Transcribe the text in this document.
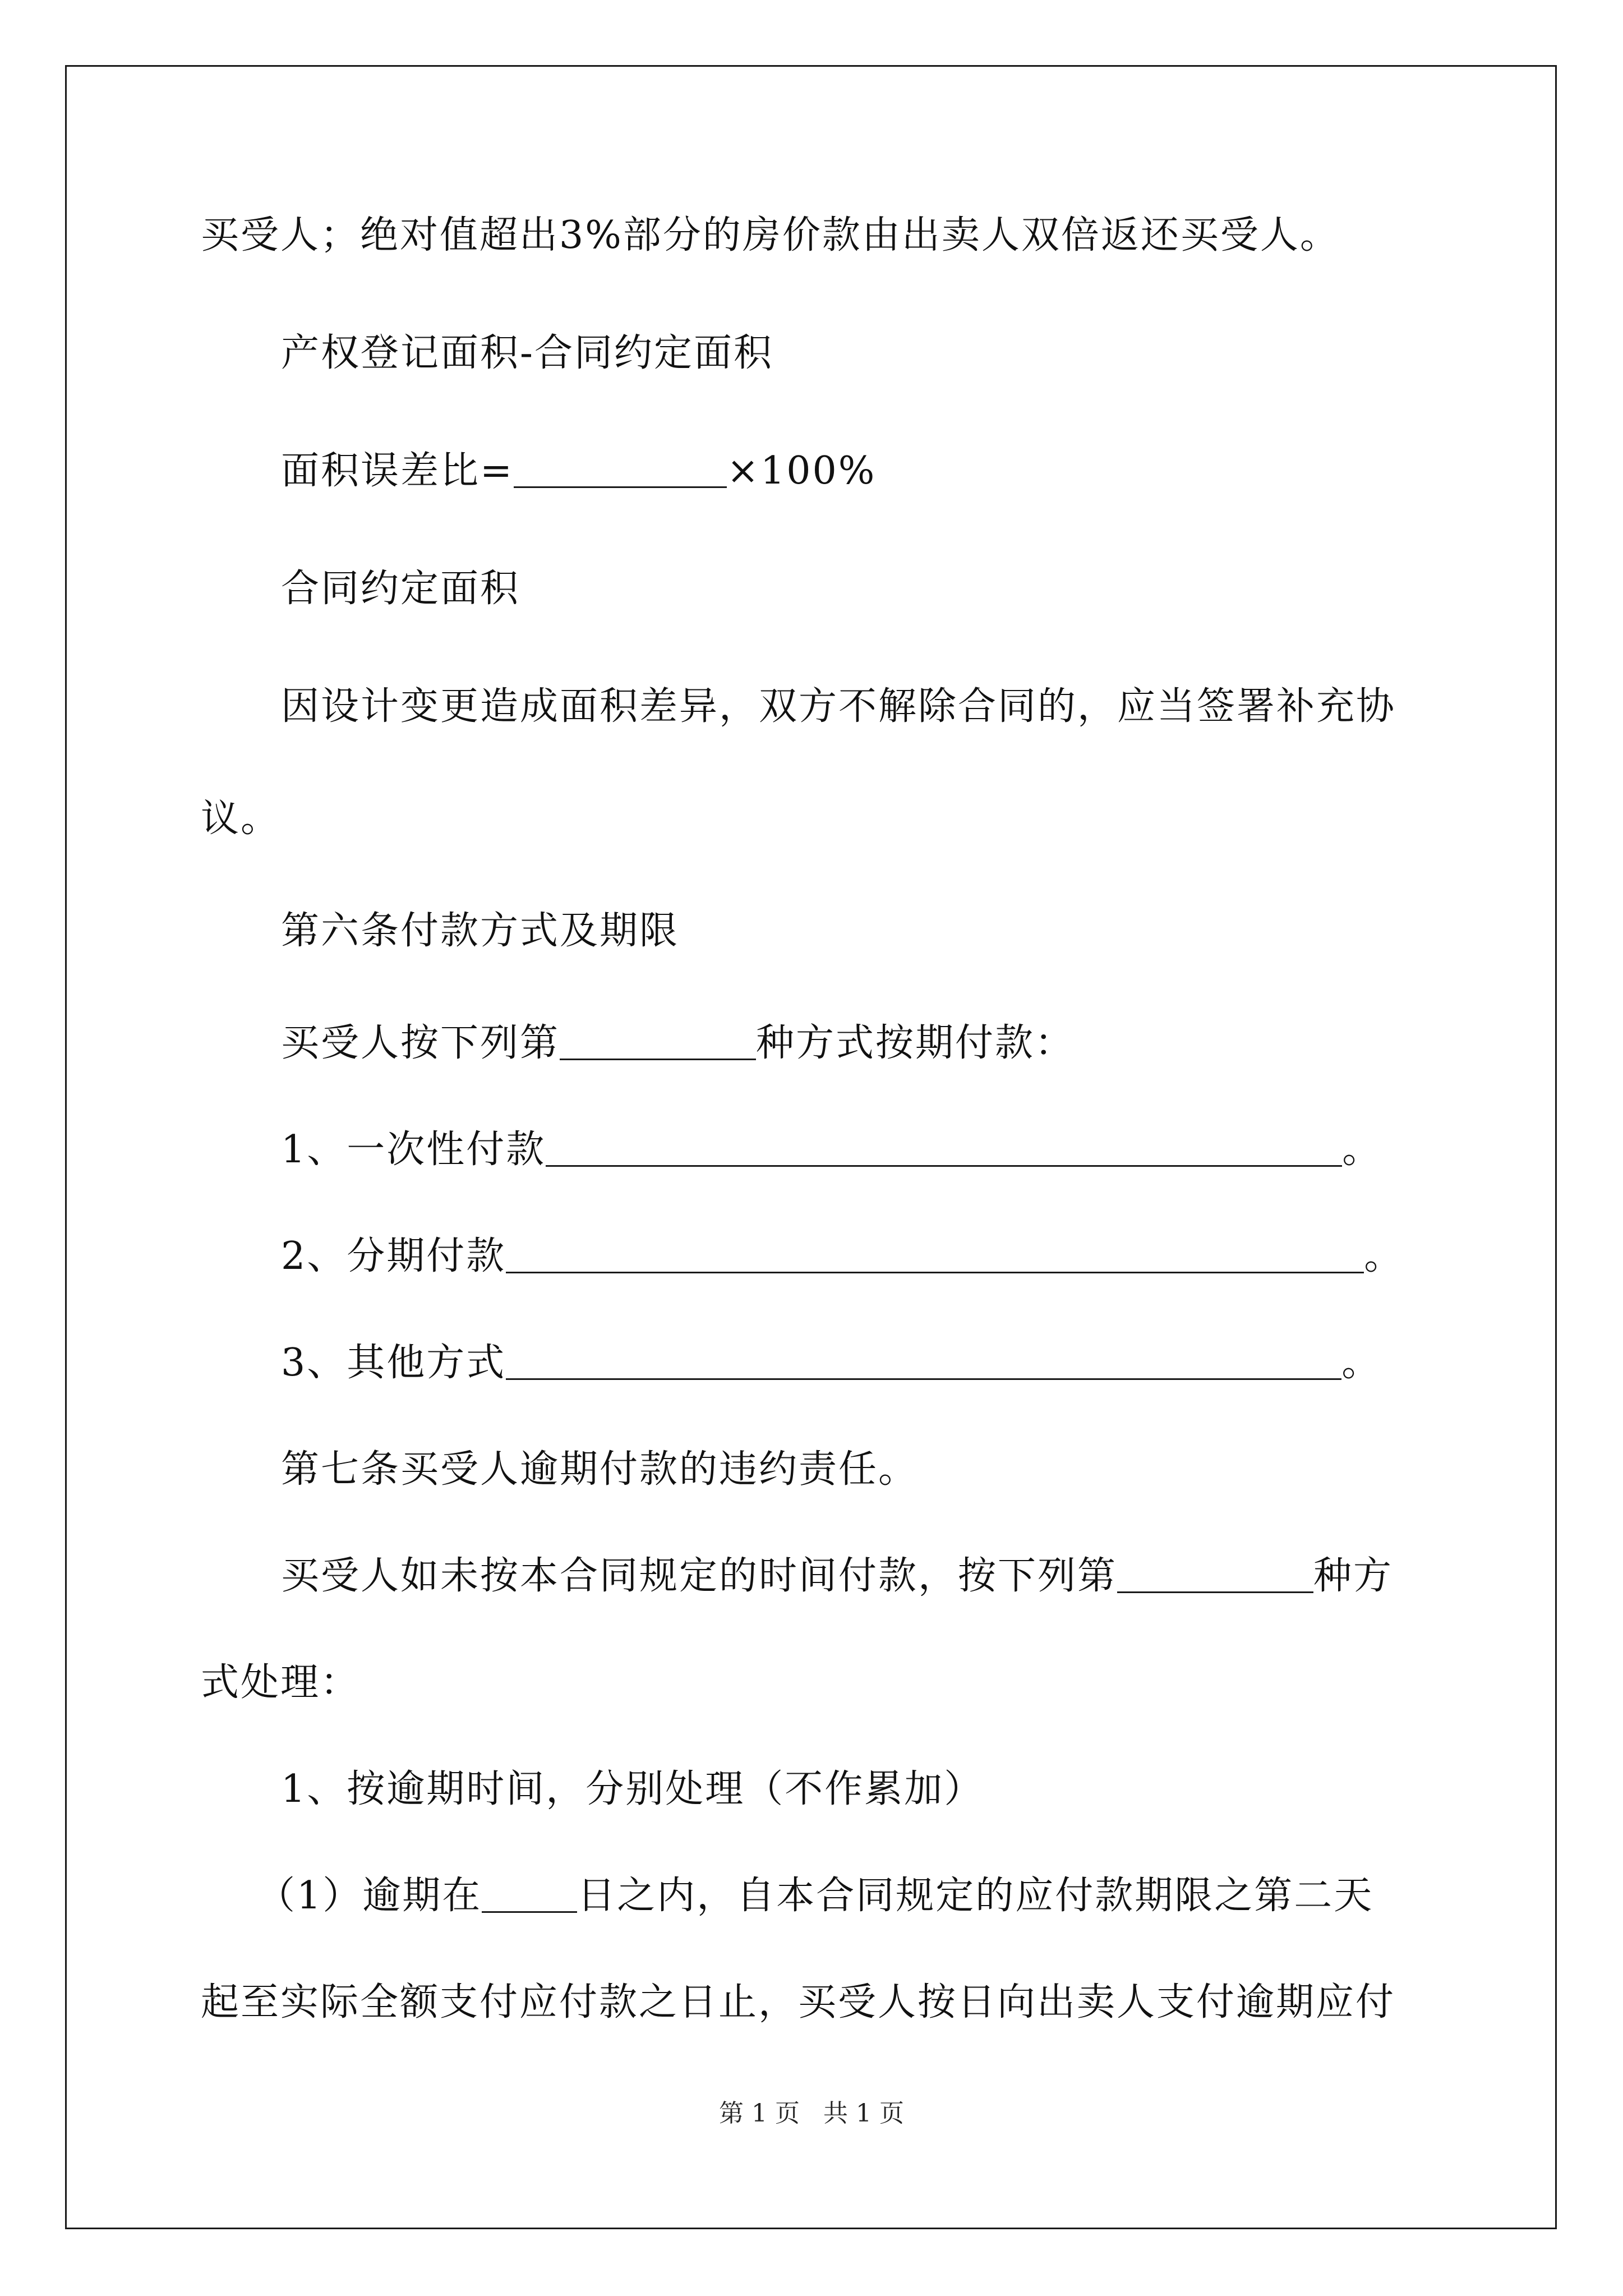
买受人；绝对值超出3%部分的房价款由出卖人双倍返还买受人。
产权登记面积-合同约定面积
面积误差比=	×100%
合同约定面积
因设计变更造成面积差异，双方不解除合同的，应当签署补充协
议。
第六条付款方式及期限
买受人按下列第	种方式按期付款：
1、一次性付款	。
2、分期付款	。
3、其他方式	。
第七条买受人逾期付款的违约责任。
买受人如未按本合同规定的时间付款，按下列第	种方
式处理：
1、按逾期时间，分别处理（不作累加）
（1）逾期在	日之内，自本合同规定的应付款期限之第二天
起至实际全额支付应付款之日止，买受人按日向出卖人支付逾期应付
第 1 页   共 1 页
